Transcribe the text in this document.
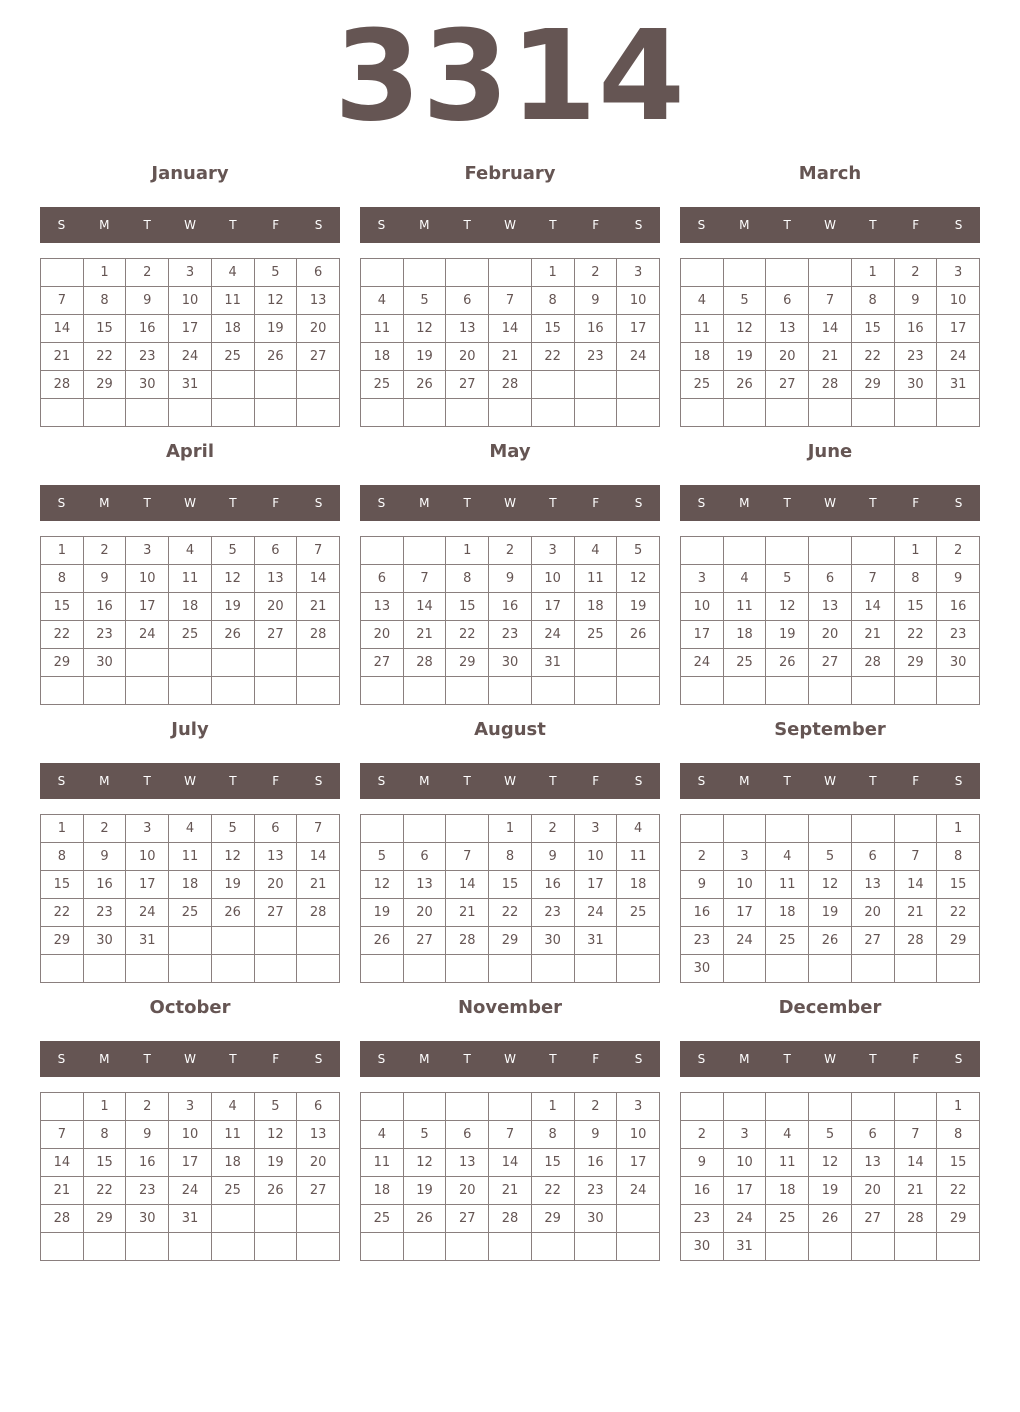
3314
January
S	M	T	W	T	F	S
	1	2	3	4	5	6
7	8	9	10	11	12	13
14	15	16	17	18	19	20
21	22	23	24	25	26	27
28	29	30	31			

February
S	M	T	W	T	F	S
				1	2	3
4	5	6	7	8	9	10
11	12	13	14	15	16	17
18	19	20	21	22	23	24
25	26	27	28			

March
S	M	T	W	T	F	S
				1	2	3
4	5	6	7	8	9	10
11	12	13	14	15	16	17
18	19	20	21	22	23	24
25	26	27	28	29	30	31

April
S	M	T	W	T	F	S
1	2	3	4	5	6	7
8	9	10	11	12	13	14
15	16	17	18	19	20	21
22	23	24	25	26	27	28
29	30					

May
S	M	T	W	T	F	S
		1	2	3	4	5
6	7	8	9	10	11	12
13	14	15	16	17	18	19
20	21	22	23	24	25	26
27	28	29	30	31		

June
S	M	T	W	T	F	S
					1	2
3	4	5	6	7	8	9
10	11	12	13	14	15	16
17	18	19	20	21	22	23
24	25	26	27	28	29	30

July
S	M	T	W	T	F	S
1	2	3	4	5	6	7
8	9	10	11	12	13	14
15	16	17	18	19	20	21
22	23	24	25	26	27	28
29	30	31				

August
S	M	T	W	T	F	S
			1	2	3	4
5	6	7	8	9	10	11
12	13	14	15	16	17	18
19	20	21	22	23	24	25
26	27	28	29	30	31	

September
S	M	T	W	T	F	S
						1
2	3	4	5	6	7	8
9	10	11	12	13	14	15
16	17	18	19	20	21	22
23	24	25	26	27	28	29
30						
October
S	M	T	W	T	F	S
	1	2	3	4	5	6
7	8	9	10	11	12	13
14	15	16	17	18	19	20
21	22	23	24	25	26	27
28	29	30	31			

November
S	M	T	W	T	F	S
				1	2	3
4	5	6	7	8	9	10
11	12	13	14	15	16	17
18	19	20	21	22	23	24
25	26	27	28	29	30	

December
S	M	T	W	T	F	S
						1
2	3	4	5	6	7	8
9	10	11	12	13	14	15
16	17	18	19	20	21	22
23	24	25	26	27	28	29
30	31					
